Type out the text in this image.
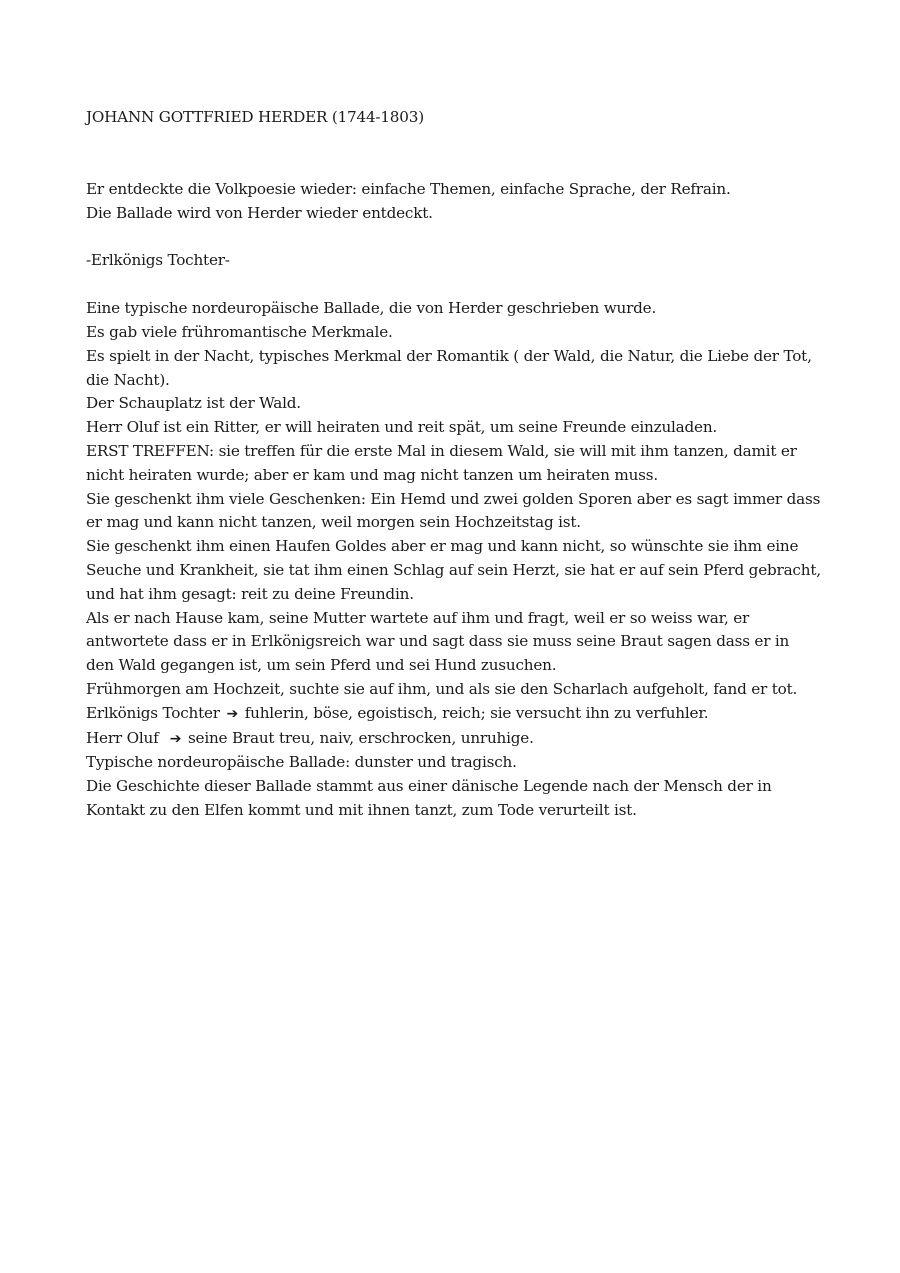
JOHANN GOTTFRIED HERDER (1744-1803)
Er entdeckte die Volkpoesie wieder: einfache Themen, einfache Sprache, der Refrain.
Die Ballade wird von Herder wieder entdeckt.
-Erlkönigs Tochter-
Eine typische nordeuropäische Ballade, die von Herder geschrieben wurde.
Es gab viele frühromantische Merkmale.
Es spielt in der Nacht, typisches Merkmal der Romantik ( der Wald, die Natur, die Liebe der Tot, die Nacht).
Der Schauplatz ist der Wald.
Herr Oluf ist ein Ritter, er will heiraten und reit spät, um seine Freunde einzuladen.
ERST TREFFEN: sie treffen für die erste Mal in diesem Wald, sie will mit ihm tanzen, damit er nicht heiraten wurde; aber er kam und mag nicht tanzen um heiraten muss.
Sie geschenkt ihm viele Geschenken: Ein Hemd und zwei golden Sporen aber es sagt immer dass er mag und kann nicht tanzen, weil morgen sein Hochzeitstag ist.
Sie geschenkt ihm einen Haufen Goldes aber er mag und kann nicht, so wünschte sie ihm eine Seuche und Krankheit, sie tat ihm einen Schlag auf sein Herzt, sie hat er auf sein Pferd gebracht, und hat ihm gesagt: reit zu deine Freundin.
Als er nach Hause kam, seine Mutter wartete auf ihm und fragt, weil er so weiss war, er antwortete dass er in Erlkönigsreich war und sagt dass sie muss seine Braut sagen dass er in den Wald gegangen ist, um sein Pferd und sei Hund zusuchen.
Frühmorgen am Hochzeit, suchte sie auf ihm, und als sie den Scharlach aufgeholt, fand er tot.
Erlkönigs Tochter ➔ fuhlerin, böse, egoistisch, reich; sie versucht ihn zu verfuhler.
Herr Oluf ➔ seine Braut treu, naiv, erschrocken, unruhige.
Typische nordeuropäische Ballade: dunster und tragisch.
Die Geschichte dieser Ballade stammt aus einer dänische Legende nach der Mensch der in Kontakt zu den Elfen kommt und mit ihnen tanzt, zum Tode verurteilt ist.
